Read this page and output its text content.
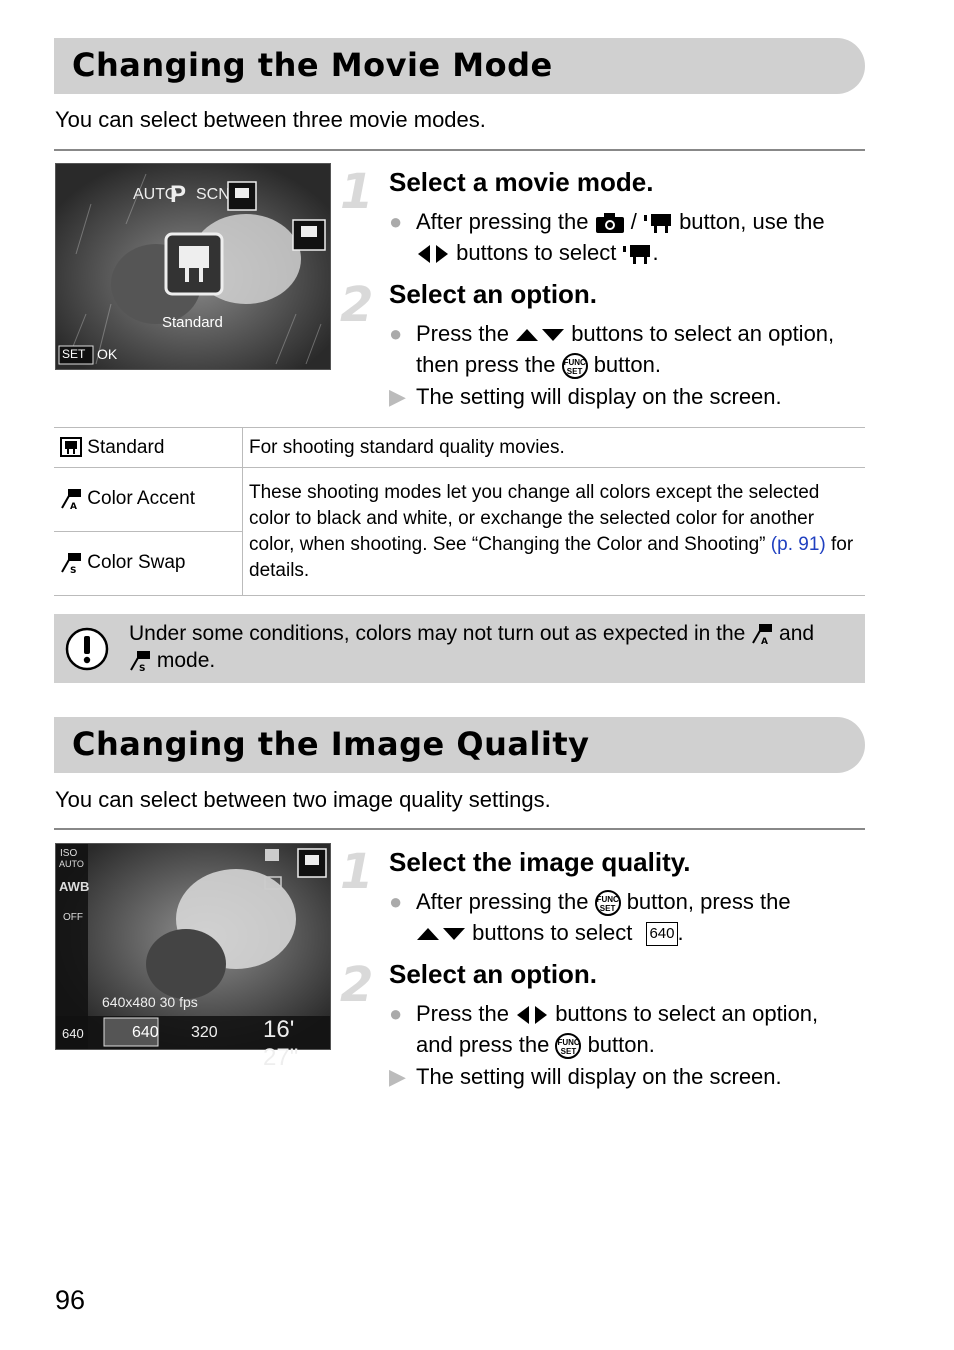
Changing the Movie Mode
You can select between three movie modes.
AUTO
P SCN
Standard
SET OK
1 Select a movie mode.
● After pressing the / button, use the
buttons to select .
2 Select an option.
● Press the	buttons to select an option,
then press the FUNC
SET button.
▶ The setting will display on the screen.
Standard	For shooting standard quality movies.

A Color Accent	These shooting modes let you change all colors except the selected color to black and white, or exchange the selected color for another color, when shooting. See “Changing the Color and Shooting” (p. 91) for details.

S Color Swap	
Under some conditions, colors may not turn out as expected in the A and

S mode.
Changing the Image Quality
You can select between two image quality settings.
ISO
AUTO
AWB
OFF
640x480 30 fps
640	640 320 16' 27"
1 Select the image quality.
● After pressing the FUNC
SET button, press the
buttons to select 640 .
2 Select an option.
● Press the buttons to select an option,
and press the FUNC
SET button.
▶ The setting will display on the screen.
96
